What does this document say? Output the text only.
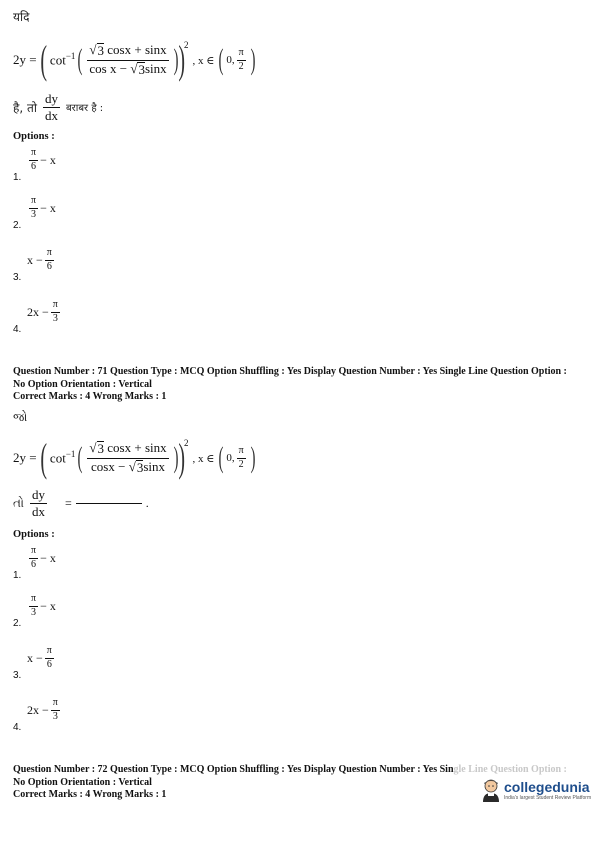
यदि
2y = ( $\cot^{-1}$ ( $\frac{√ 3 \cos x + \sin x}{\text{cos x − √ 3 sinx}}$ ) ) 2
, x ∈ ( 0, $\frac{\pi}{2}$ )
है, तो $\frac{dy}{dx}$ बराबर है :
Options :
$\frac{\pi}{6} - x$
1.
$\frac{\pi}{3} - x$
2.
$x - \frac{\pi}{6}$
3.
$2x - \frac{\pi}{3}$
4.
Question Number : 71 Question Type : MCQ Option Shuffling : Yes Display Question Number : Yes Single Line Question Option :
No Option Orientation : Vertical
Correct Marks : 4 Wrong Marks : 1
જો
2y = ( $\cot^{-1}$ ( $\frac{√ 3 \cos x + \sin x}{\cos x - √ 3 \sin x}$ ) ) 2
, x ∈ ( 0, $\frac{\pi}{2}$ )
તો $\frac{dy}{dx}$ =	.
Options :
$\frac{\pi}{6} - x$
1.
$\frac{\pi}{3} - x$
2.
$x - \frac{\pi}{6}$
3.
$2x - \frac{\pi}{3}$
4.
Question Number : 72 Question Type : MCQ Option Shuffling : Yes Display Question Number : Yes Single Line Question Option :
No Option Orientation : Vertical
Correct Marks : 4 Wrong Marks : 1	collegedunia
India's largest Student Review Platform
